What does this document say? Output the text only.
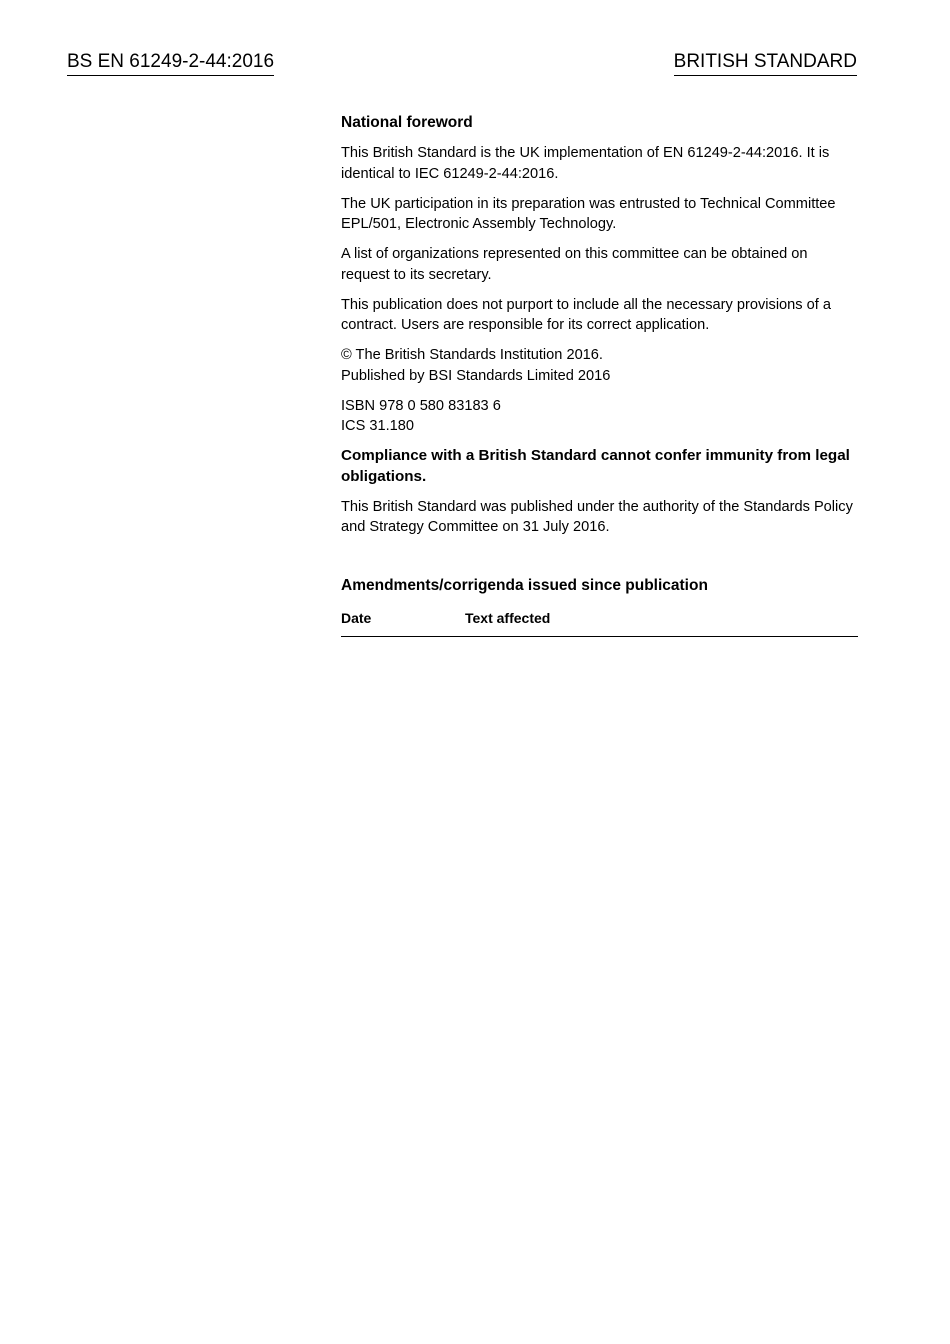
BS EN 61249-2-44:2016	BRITISH STANDARD
National foreword

This British Standard is the UK implementation of EN 61249-2-44:2016. It is identical to IEC 61249-2-44:2016.

The UK participation in its preparation was entrusted to Technical Committee EPL/501, Electronic Assembly Technology.

A list of organizations represented on this committee can be obtained on request to its secretary.

This publication does not purport to include all the necessary provisions of a contract. Users are responsible for its correct application.

© The British Standards Institution 2016.
Published by BSI Standards Limited 2016

ISBN 978 0 580 83183 6
ICS 31.180

Compliance with a British Standard cannot confer immunity from legal obligations.

This British Standard was published under the authority of the Standards Policy and Strategy Committee on 31 July 2016.

Amendments/corrigenda issued since publication
Date	Text affected
